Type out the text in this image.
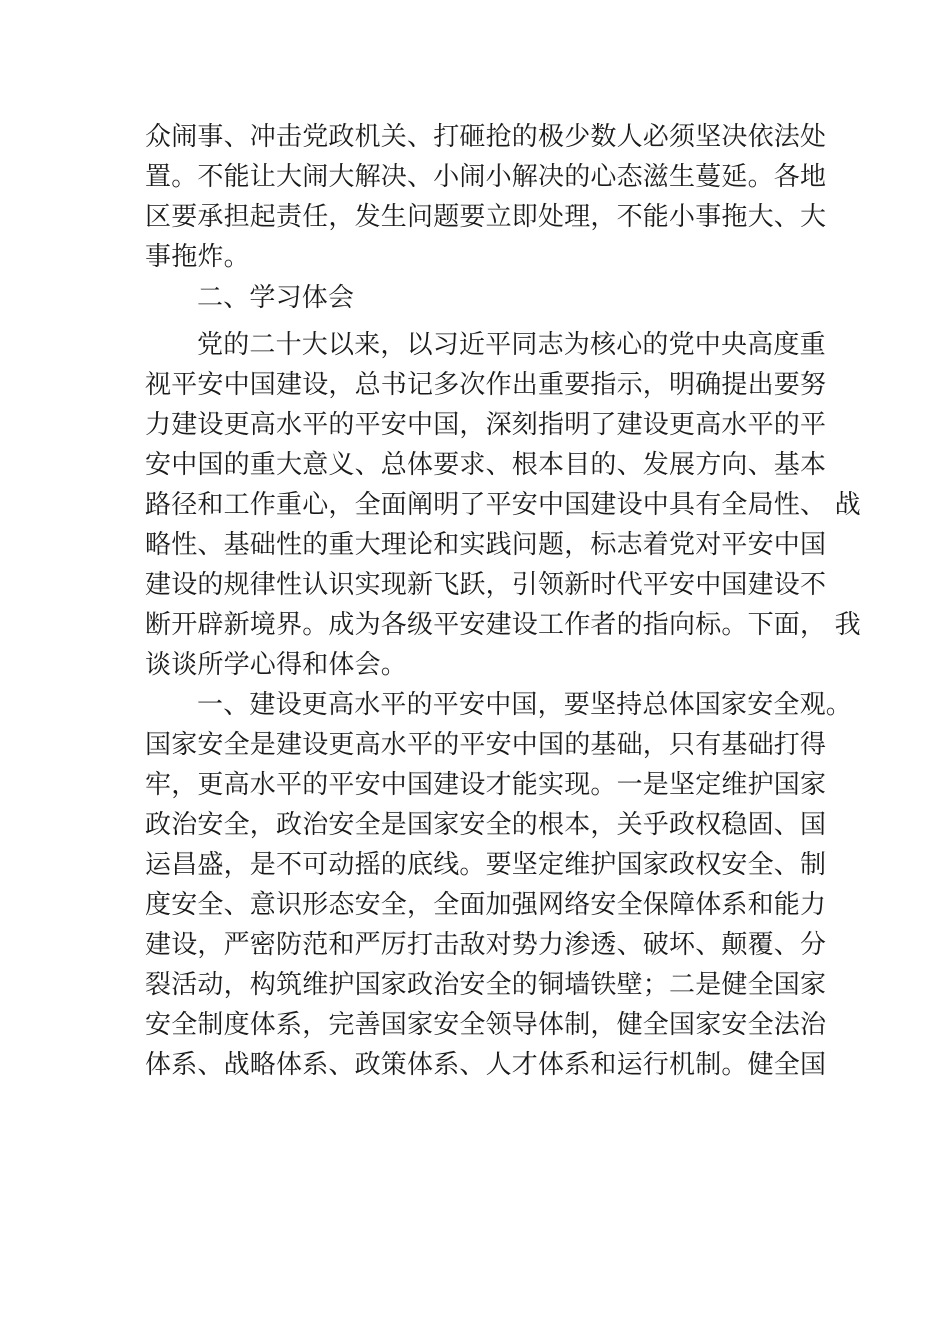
众闹事、冲击党政机关、打砸抢的极少数人必须坚决依法处
置。不能让大闹大解决、小闹小解决的心态滋生蔓延。各地
区要承担起责任，发生问题要立即处理，不能小事拖大、大
事拖炸。
二、学习体会
党的二十大以来，以习近平同志为核心的党中央高度重
视平安中国建设，总书记多次作出重要指示，明确提出要努
力建设更高水平的平安中国，深刻指明了建设更高水平的平
安中国的重大意义、总体要求、根本目的、发展方向、基本
路径和工作重心，全面阐明了平安中国建设中具有全局性、 战
略性、基础性的重大理论和实践问题，标志着党对平安中国
建设的规律性认识实现新飞跃，引领新时代平安中国建设不
断开辟新境界。成为各级平安建设工作者的指向标。下面， 我
谈谈所学心得和体会。
一、建设更高水平的平安中国，要坚持总体国家安全观。
国家安全是建设更高水平的平安中国的基础，只有基础打得
牢，更高水平的平安中国建设才能实现。一是坚定维护国家
政治安全，政治安全是国家安全的根本，关乎政权稳固、国
运昌盛，是不可动摇的底线。要坚定维护国家政权安全、制
度安全、意识形态安全，全面加强网络安全保障体系和能力
建设，严密防范和严厉打击敌对势力渗透、破坏、颠覆、分
裂活动，构筑维护国家政治安全的铜墙铁壁；二是健全国家
安全制度体系，完善国家安全领导体制，健全国家安全法治
体系、战略体系、政策体系、人才体系和运行机制。健全国
